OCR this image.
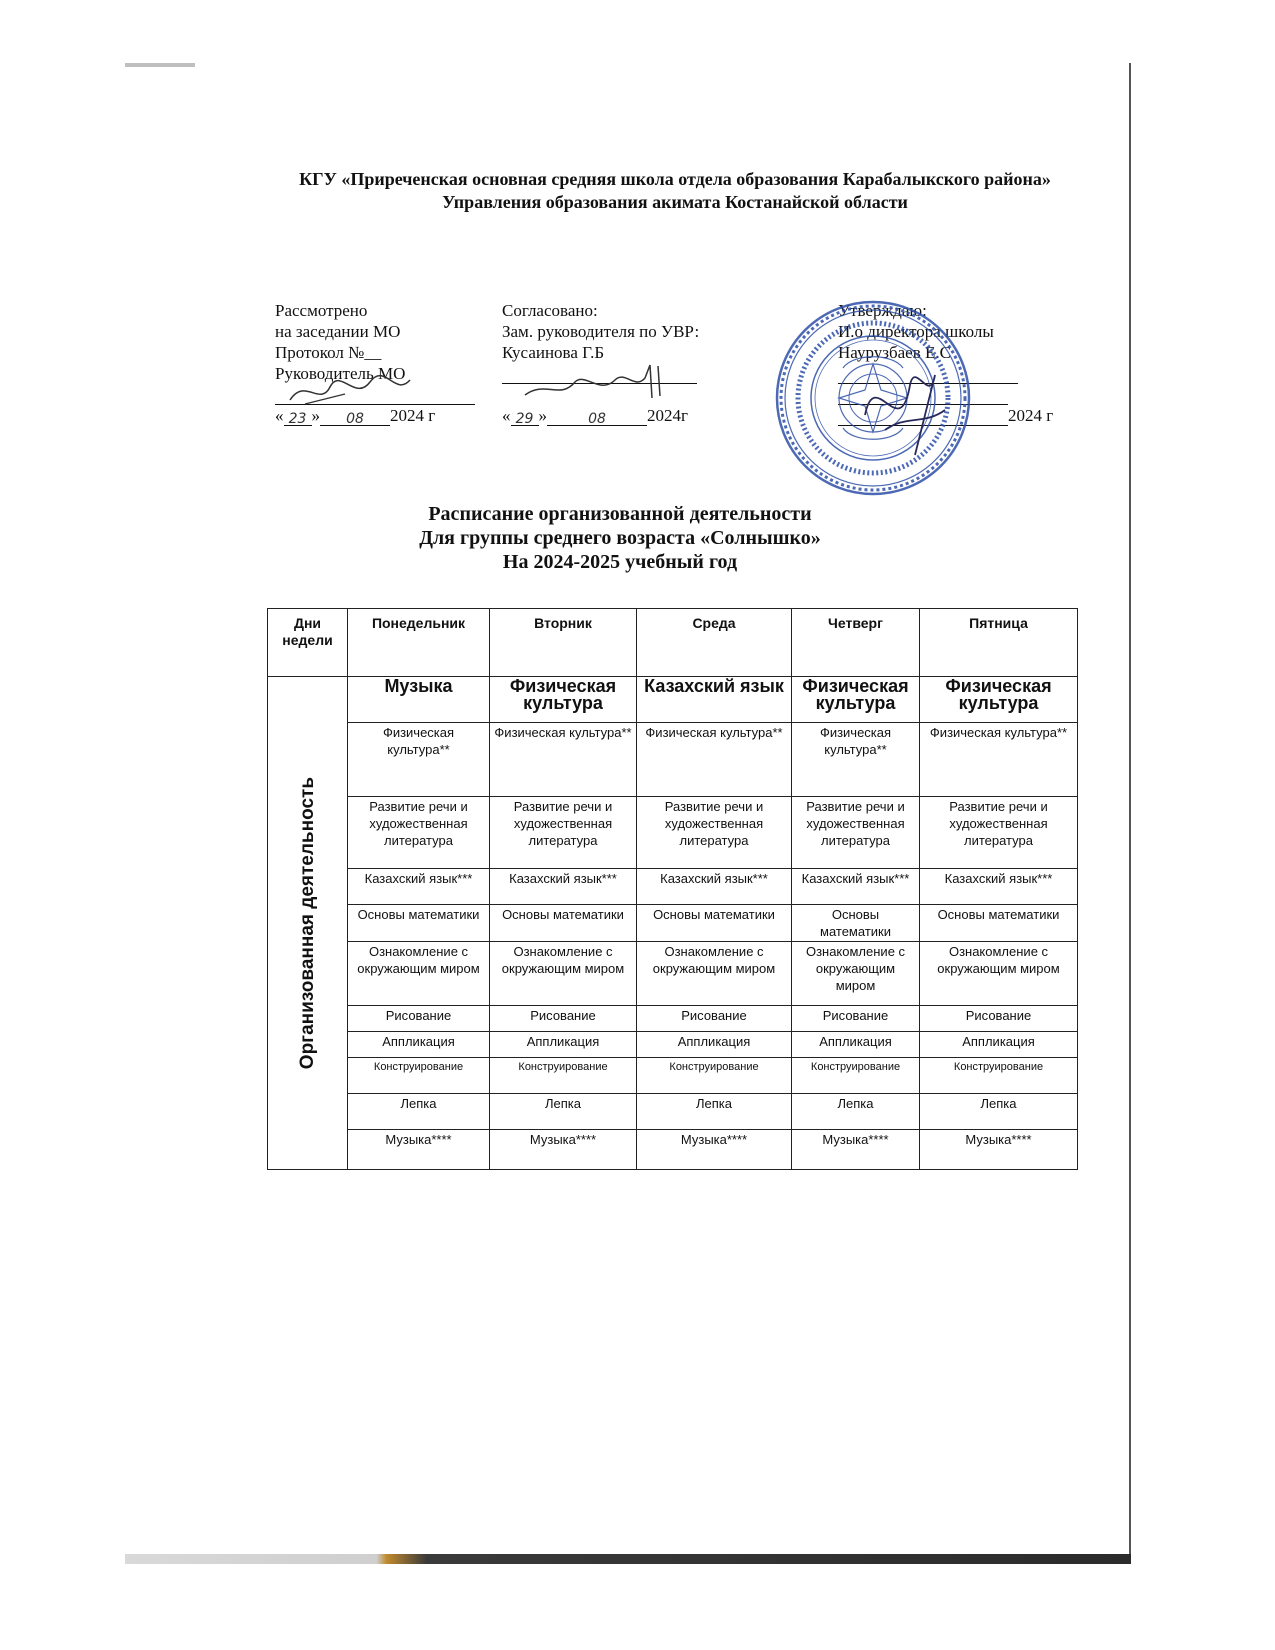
КГУ «Приреченская основная средняя школа отдела образования Карабалыкского района»
Управления образования акимата Костанайской области
Рассмотрено
на заседании МО
Протокол №__
Руководитель МО
« 23 » 08 2024 г
Согласовано:
Зам. руководителя по УВР:
Кусаинова Г.Б
« 29 »	08 2024г
Утверждаю:
И.о директора школы
Наурузбаев Е.С
2024 г
Расписание организованной деятельности
Для группы среднего возраста «Солнышко»
На 2024-2025 учебный год
Дни недели	Понедельник	Вторник	Среда	Четверг	Пятница

Организованная деятельность	Музыка	Физическая культура	Казахский язык	Физическая культура	Физическая культура
	Физическая культура**	Физическая культура**	Физическая культура**	Физическая культура**	Физическая культура**
	Развитие речи и художественная литература	Развитие речи и художественная литература	Развитие речи и художественная литература	Развитие речи и художественная литература	Развитие речи и художественная литература
	Казахский язык***	Казахский язык***	Казахский язык***	Казахский язык***	Казахский язык***
	Основы математики	Основы математики	Основы математики	Основы математики	Основы математики
	Ознакомление с окружающим миром	Ознакомление с окружающим миром	Ознакомление с окружающим миром	Ознакомление с окружающим миром	Ознакомление с окружающим миром
	Рисование	Рисование	Рисование	Рисование	Рисование
	Аппликация	Аппликация	Аппликация	Аппликация	Аппликация
	Конструирование	Конструирование	Конструирование	Конструирование	Конструирование
	Лепка	Лепка	Лепка	Лепка	Лепка
	Музыка****	Музыка****	Музыка****	Музыка****	Музыка****
